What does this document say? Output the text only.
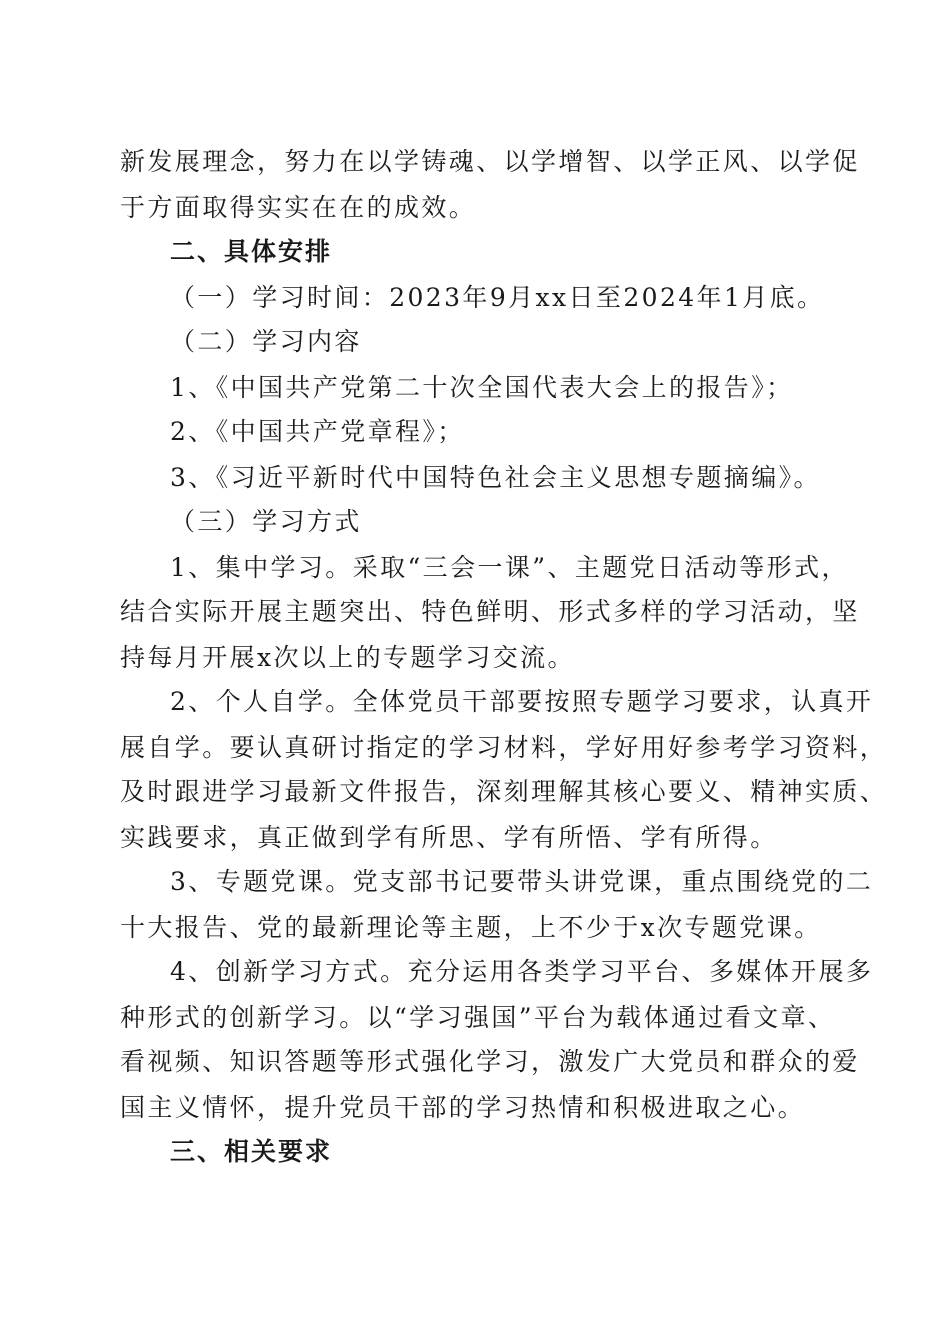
新发展理念，努力在以学铸魂、以学增智、以学正风、以学促
于方面取得实实在在的成效。
二、具体安排
（一）学习时间：2023年9月xx日至2024年1月底。
（二）学习内容
1、《中国共产党第二十次全国代表大会上的报告》；
2、《中国共产党章程》；
3、《习近平新时代中国特色社会主义思想专题摘编》。
（三）学习方式
1、集中学习。采取“三会一课”、主题党日活动等形式，
结合实际开展主题突出、特色鲜明、形式多样的学习活动，坚
持每月开展x次以上的专题学习交流。
2、个人自学。全体党员干部要按照专题学习要求，认真开
展自学。要认真研讨指定的学习材料，学好用好参考学习资料，
及时跟进学习最新文件报告，深刻理解其核心要义、精神实质、
实践要求，真正做到学有所思、学有所悟、学有所得。
3、专题党课。党支部书记要带头讲党课，重点围绕党的二
十大报告、党的最新理论等主题，上不少于x次专题党课。
4、创新学习方式。充分运用各类学习平台、多媒体开展多
种形式的创新学习。以“学习强国”平台为载体通过看文章、
看视频、知识答题等形式强化学习，激发广大党员和群众的爱
国主义情怀，提升党员干部的学习热情和积极进取之心。
三、相关要求
